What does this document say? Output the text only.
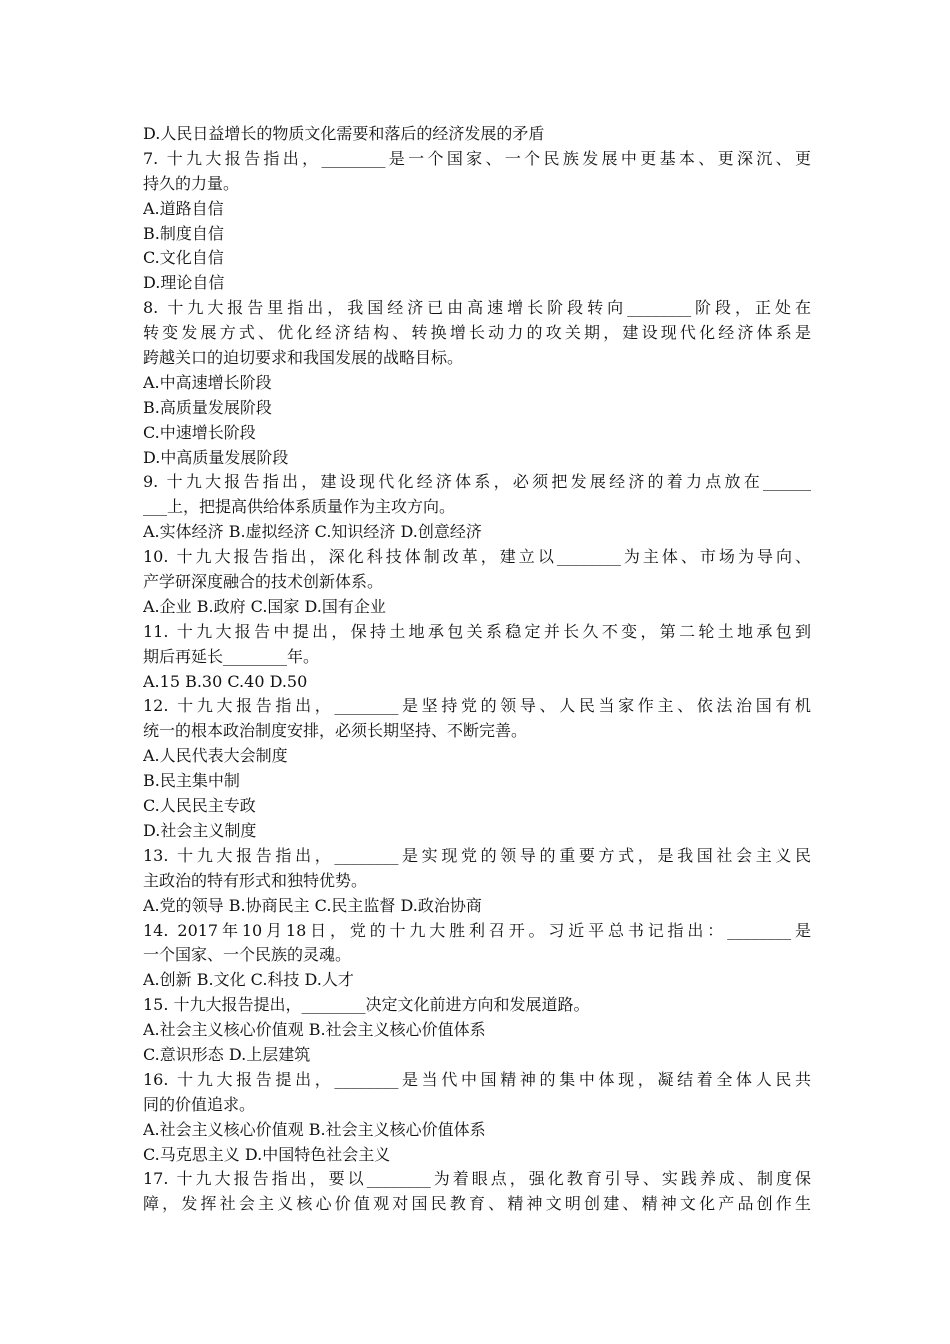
D.人民日益增长的物质文化需要和落后的经济发展的矛盾
7. 十九大报告指出，________是一个国家、一个民族发展中更基本、更深沉、更
持久的力量。
A.道路自信
B.制度自信
C.文化自信
D.理论自信
8. 十九大报告里指出，我国经济已由高速增长阶段转向________阶段，正处在
转变发展方式、优化经济结构、转换增长动力的攻关期，建设现代化经济体系是
跨越关口的迫切要求和我国发展的战略目标。
A.中高速增长阶段
B.高质量发展阶段
C.中速增长阶段
D.中高质量发展阶段
9. 十九大报告指出，建设现代化经济体系，必须把发展经济的着力点放在______
___上，把提高供给体系质量作为主攻方向。
A.实体经济 B.虚拟经济 C.知识经济 D.创意经济
10. 十九大报告指出，深化科技体制改革，建立以________为主体、市场为导向、
产学研深度融合的技术创新体系。
A.企业 B.政府 C.国家 D.国有企业
11. 十九大报告中提出，保持土地承包关系稳定并长久不变，第二轮土地承包到
期后再延长________年。
A.15 B.30 C.40 D.50
12. 十九大报告指出，________是坚持党的领导、人民当家作主、依法治国有机
统一的根本政治制度安排，必须长期坚持、不断完善。
A.人民代表大会制度
B.民主集中制
C.人民民主专政
D.社会主义制度
13. 十九大报告指出，________是实现党的领导的重要方式，是我国社会主义民
主政治的特有形式和独特优势。
A.党的领导 B.协商民主 C.民主监督 D.政治协商
14. 2017年10月18日，党的十九大胜利召开。习近平总书记指出：________是
一个国家、一个民族的灵魂。
A.创新 B.文化 C.科技 D.人才
15. 十九大报告提出，________决定文化前进方向和发展道路。
A.社会主义核心价值观 B.社会主义核心价值体系
C.意识形态 D.上层建筑
16. 十九大报告提出，________是当代中国精神的集中体现，凝结着全体人民共
同的价值追求。
A.社会主义核心价值观 B.社会主义核心价值体系
C.马克思主义 D.中国特色社会主义
17. 十九大报告指出，要以________为着眼点，强化教育引导、实践养成、制度保
障，发挥社会主义核心价值观对国民教育、精神文明创建、精神文化产品创作生
